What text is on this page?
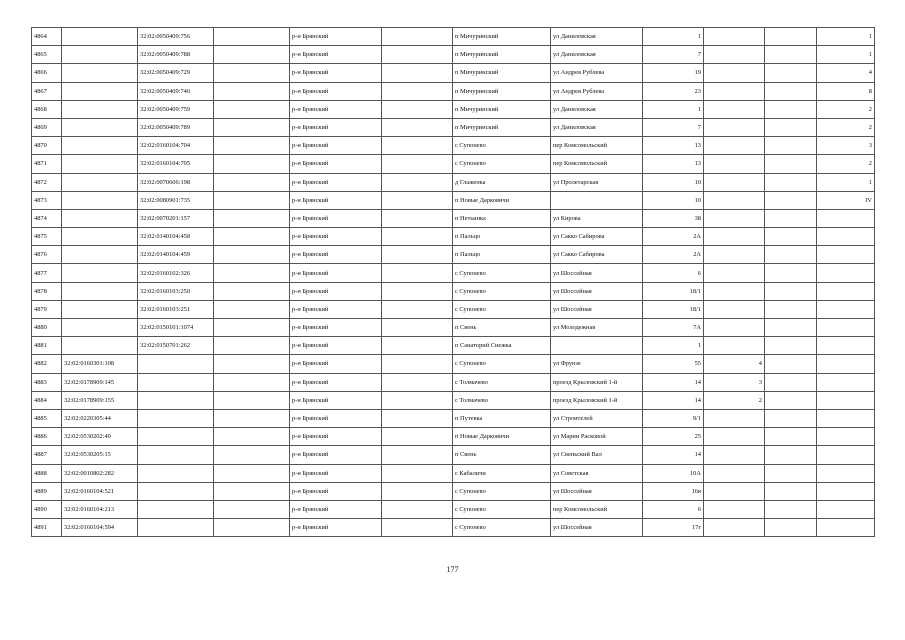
4864		32:02:0050409:756		р-н Брянский		п Мичуринский	ул Даниловская	1			1
4865		32:02:0050409:788		р-н Брянский		п Мичуринский	ул Даниловская	7			1
4866		32:02:0050409:729		р-н Брянский		п Мичуринский	ул Андрея Рублева	19			4
4867		32:02:0050409:740		р-н Брянский		п Мичуринский	ул Андрея Рублева	23			8
4868		32:02:0050409:759		р-н Брянский		п Мичуринский	ул Даниловская	1			2
4869		32:02:0050409:789		р-н Брянский		п Мичуринский	ул Даниловская	7			2
4870		32:02:0160104:704		р-н Брянский		с Супонево	пер Комсомольский	13			3
4871		32:02:0160104:705		р-н Брянский		с Супонево	пер Комсомольский	13			2
4872		32:02:0070606:198		р-н Брянский		д Глаженка	ул Пролетарская	10			1
4873		32:02:0080901:735		р-н Брянский		п Новые Дарковичи		10			IV
4874		32:02:0070201:157		р-н Брянский		п Нетьинка	ул Кирова	38			
4875		32:02:0140104:458		р-н Брянский		п Пальцо	ул Сакко Сабирова	2А			
4876		32:02:0140104:459		р-н Брянский		п Пальцо	ул Сакко Сабирова	2А			
4877		32:02:0160102:326		р-н Брянский		с Супонево	ул Шоссейная	6			
4878		32:02:0160103:250		р-н Брянский		с Супонево	ул Шоссейная	18/1			
4879		32:02:0160103:251		р-н Брянский		с Супонево	ул Шоссейная	18/1			
4880		32:02:0150101:1074		р-н Брянский		п Свень	ул Молодежная	7А			
4881		32:02:0150701:262		р-н Брянский		п Санаторий Снежка		1			
4882	32:02:0160301:108			р-н Брянский		с Супонево	ул Фрунзе	55	4		
4883	32:02:0178909:145			р-н Брянский		с Толмачево	проезд Крыловский 1-й	14	3		
4884	32:02:0178909:155			р-н Брянский		с Толмачево	проезд Крыловский 1-й	14	2		
4885	32:02:0220305:44			р-н Брянский		п Путевка	ул Строителей	9/1			
4886	32:02:0530202:49			р-н Брянский		п Новые Дарковичи	ул Марии Расковой	25			
4887	32:02:0530205:15			р-н Брянский		п Свень	ул Свеньский Вал	14			
4888	32:02:0010802:282			р-н Брянский		с Кабаличи	ул Советская	10А			
4889	32:02:0160104:521			р-н Брянский		с Супонево	ул Шоссейная	16в			
4890	32:02:0160104:213			р-н Брянский		с Супонево	пер Комсомольский	6			
4891	32:02:0160104:594			р-н Брянский		с Супонево	ул Шоссейная	17г			
177
